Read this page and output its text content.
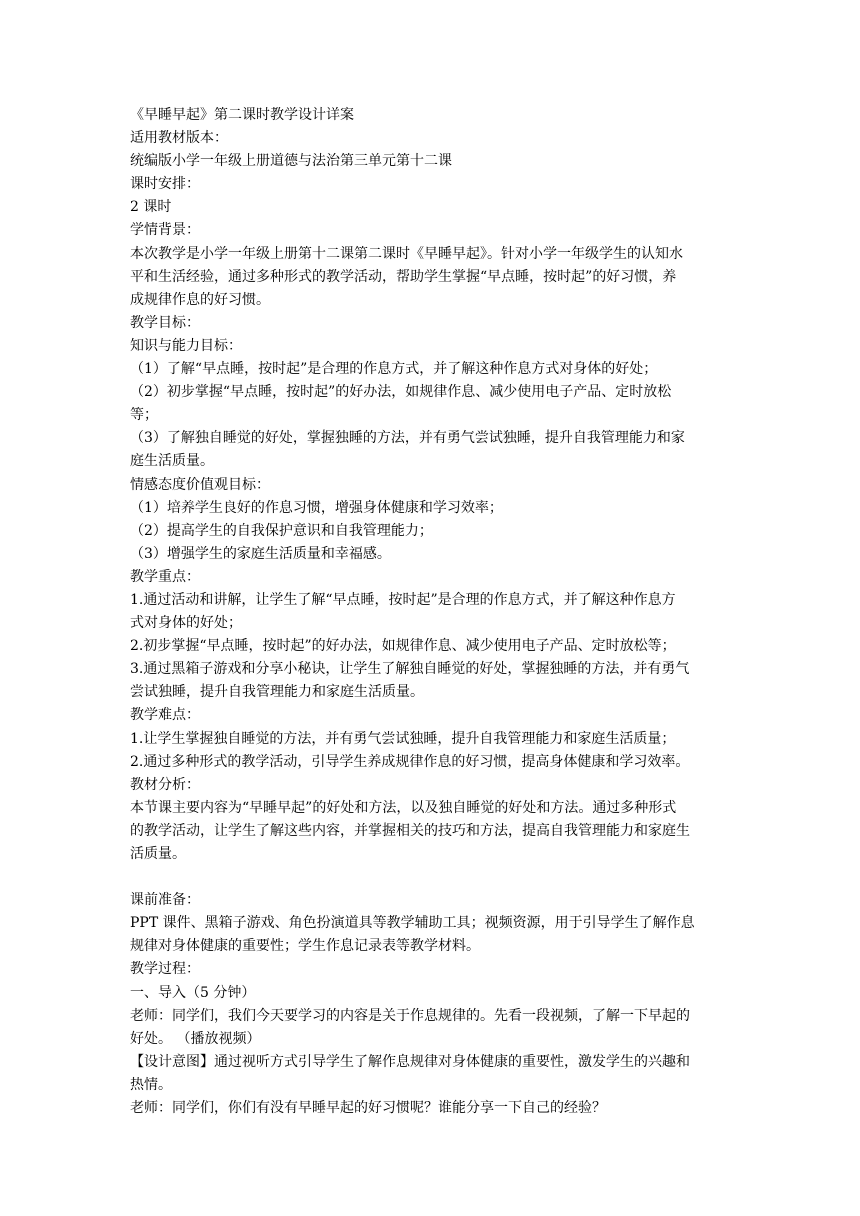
《早睡早起》第二课时教学设计详案
适用教材版本：
统编版小学一年级上册道德与法治第三单元第十二课
课时安排：
2 课时
学情背景：
本次教学是小学一年级上册第十二课第二课时《早睡早起》。针对小学一年级学生的认知水
平和生活经验，通过多种形式的教学活动，帮助学生掌握“早点睡，按时起”的好习惯，养
成规律作息的好习惯。
教学目标：
知识与能力目标：
（1）了解“早点睡，按时起”是合理的作息方式，并了解这种作息方式对身体的好处；
（2）初步掌握“早点睡，按时起”的好办法，如规律作息、减少使用电子产品、定时放松
等；
（3）了解独自睡觉的好处，掌握独睡的方法，并有勇气尝试独睡，提升自我管理能力和家
庭生活质量。
情感态度价值观目标：
（1）培养学生良好的作息习惯，增强身体健康和学习效率；
（2）提高学生的自我保护意识和自我管理能力；
（3）增强学生的家庭生活质量和幸福感。
教学重点：
1.通过活动和讲解，让学生了解“早点睡，按时起”是合理的作息方式，并了解这种作息方
式对身体的好处；
2.初步掌握“早点睡，按时起”的好办法，如规律作息、减少使用电子产品、定时放松等；
3.通过黑箱子游戏和分享小秘诀，让学生了解独自睡觉的好处，掌握独睡的方法，并有勇气
尝试独睡，提升自我管理能力和家庭生活质量。
教学难点：
1.让学生掌握独自睡觉的方法，并有勇气尝试独睡，提升自我管理能力和家庭生活质量；
2.通过多种形式的教学活动，引导学生养成规律作息的好习惯，提高身体健康和学习效率。
教材分析：
本节课主要内容为“早睡早起”的好处和方法，以及独自睡觉的好处和方法。通过多种形式
的教学活动，让学生了解这些内容，并掌握相关的技巧和方法，提高自我管理能力和家庭生
活质量。
课前准备：
PPT 课件、黑箱子游戏、角色扮演道具等教学辅助工具；视频资源，用于引导学生了解作息
规律对身体健康的重要性；学生作息记录表等教学材料。
教学过程：
一、导入（5 分钟）
老师：同学们，我们今天要学习的内容是关于作息规律的。先看一段视频，了解一下早起的
好处。 （播放视频）
【设计意图】通过视听方式引导学生了解作息规律对身体健康的重要性，激发学生的兴趣和
热情。
老师：同学们，你们有没有早睡早起的好习惯呢？谁能分享一下自己的经验？
